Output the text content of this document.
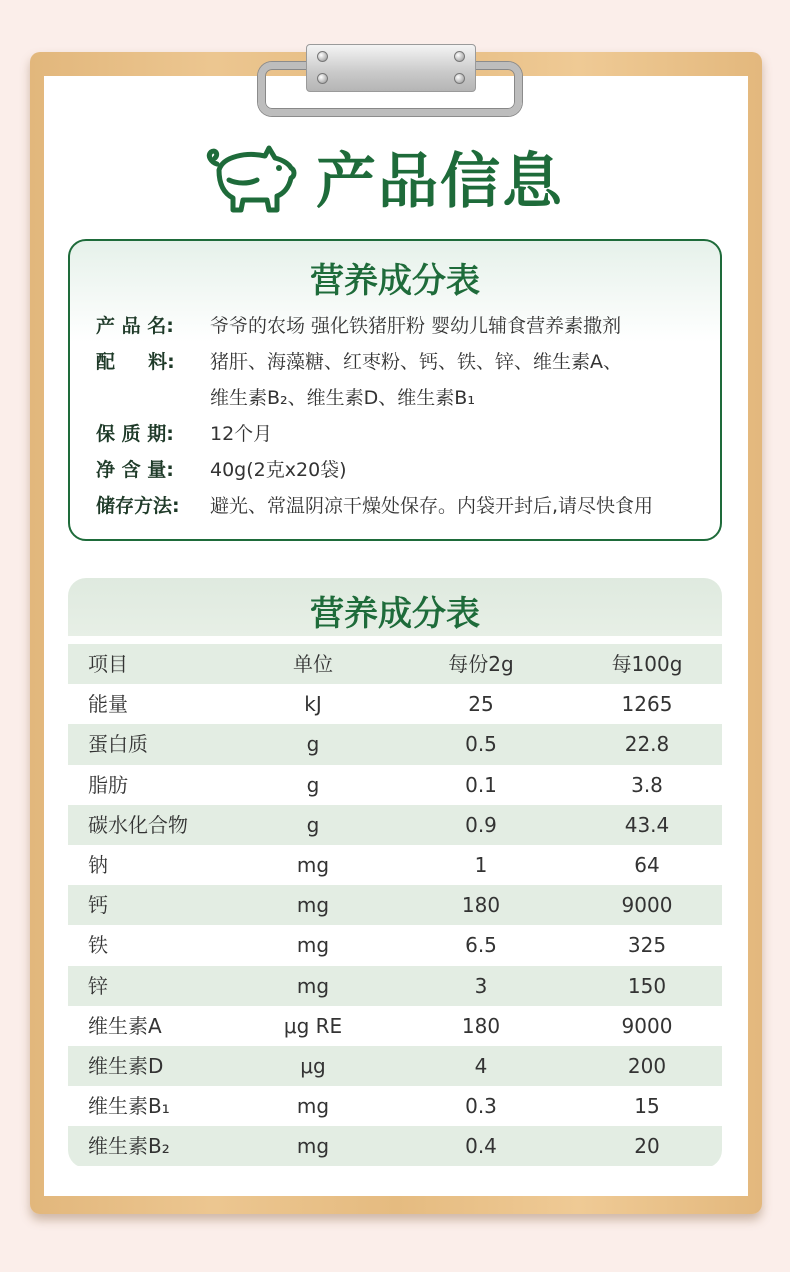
产品信息
营养成分表
产 品 名: 爷爷的农场 强化铁猪肝粉 婴幼儿辅食营养素撒剂
配     料: 猪肝、海藻糖、红枣粉、钙、铁、锌、维生素A、
维生素B₂、维生素D、维生素B₁
保 质 期: 12个月
净 含 量: 40g(2克x20袋)
储存方法: 避光、常温阴凉干燥处保存。内袋开封后,请尽快食用
营养成分表
项目	单位	每份2g	每100g
能量	kJ	25	1265
蛋白质	g	0.5	22.8
脂肪	g	0.1	3.8
碳水化合物	g	0.9	43.4
钠	mg	1	64
钙	mg	180	9000
铁	mg	6.5	325
锌	mg	3	150
维生素A	μg RE	180	9000
维生素D	μg	4	200
维生素B₁	mg	0.3	15
维生素B₂	mg	0.4	20
